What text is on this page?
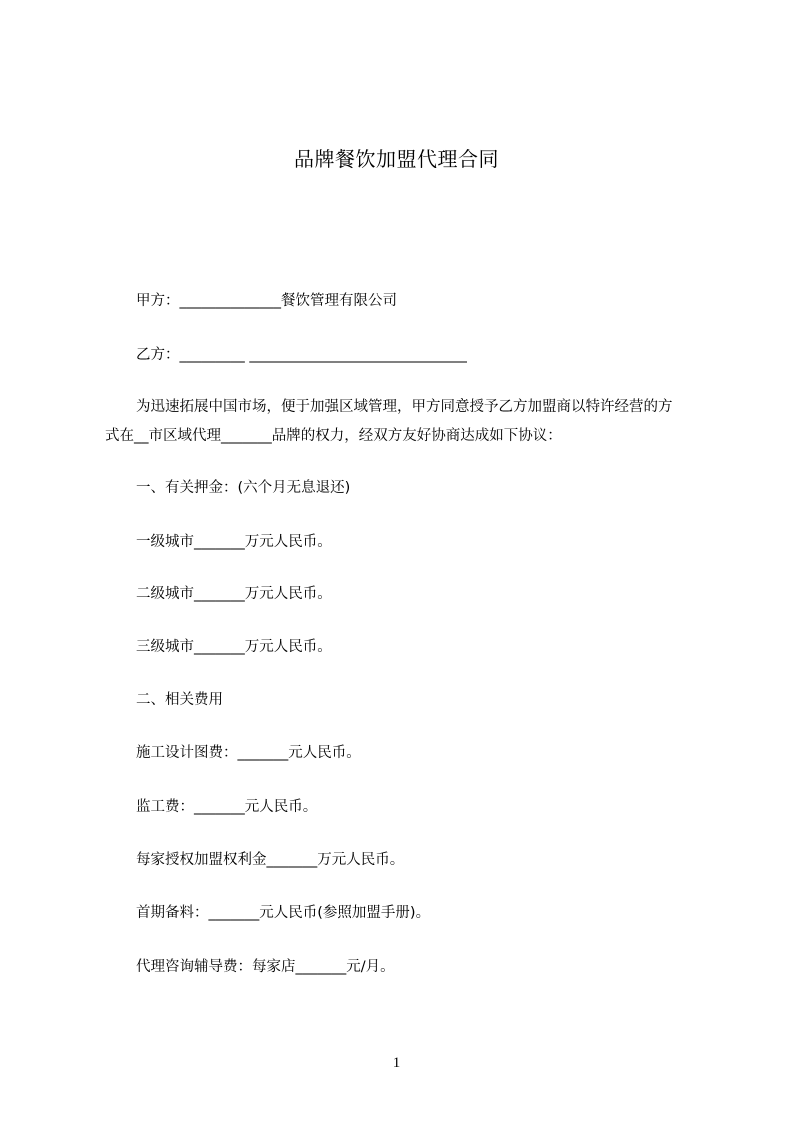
品牌餐饮加盟代理合同
甲方：______________餐饮管理有限公司
乙方：_________ ______________________________
为迅速拓展中国市场，便于加强区域管理，甲方同意授予乙方加盟商以特许经营的方式在__市区域代理_______品牌的权力，经双方友好协商达成如下协议：
一、有关押金：(六个月无息退还)
一级城市_______万元人民币。
二级城市_______万元人民币。
三级城市_______万元人民币。
二、相关费用
施工设计图费：_______元人民币。
监工费：_______元人民币。
每家授权加盟权利金_______万元人民币。
首期备料：_______元人民币(参照加盟手册)。
代理咨询辅导费：每家店_______元/月。
1
